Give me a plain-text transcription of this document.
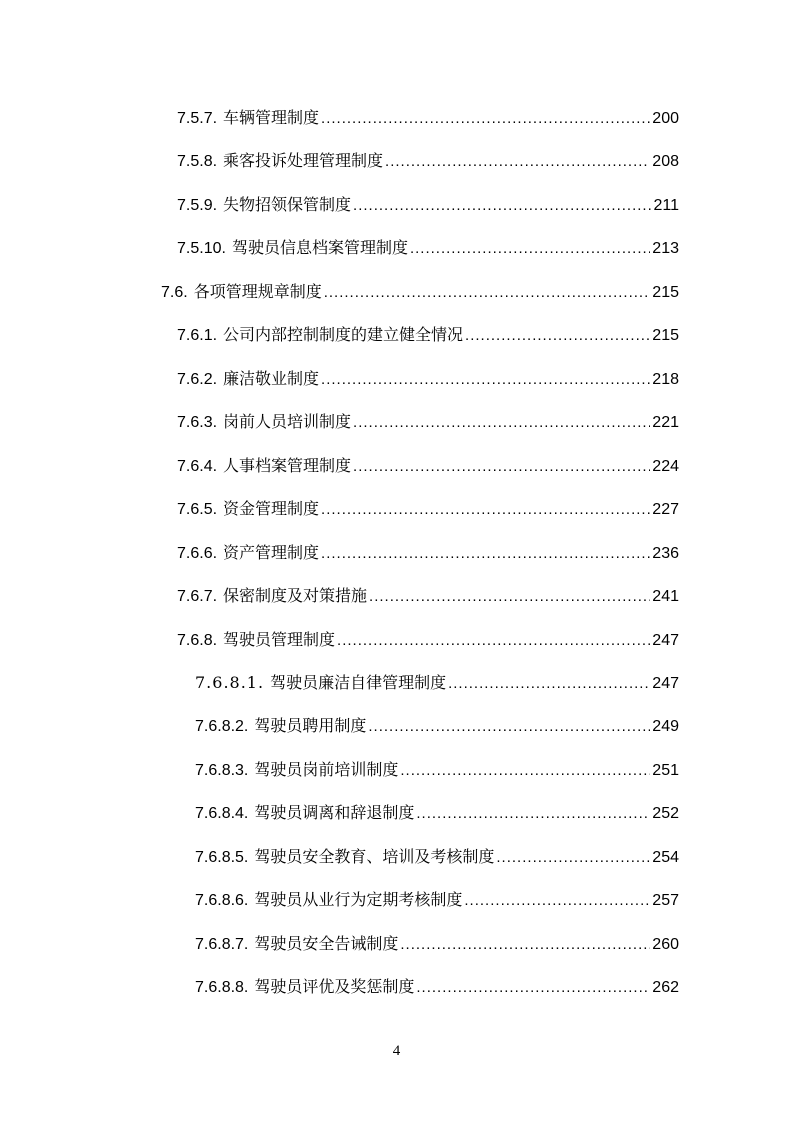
7.5.7. 车辆管理制度 .....	200
7.5.8. 乘客投诉处理管理制度 .....	208
7.5.9. 失物招领保管制度 .....	211
7.5.10. 驾驶员信息档案管理制度 .....	213
7.6. 各项管理规章制度 .....	215
7.6.1. 公司内部控制制度的建立健全情况 .....	215
7.6.2. 廉洁敬业制度 .....	218
7.6.3. 岗前人员培训制度 .....	221
7.6.4. 人事档案管理制度 .....	224
7.6.5. 资金管理制度 .....	227
7.6.6. 资产管理制度 .....	236
7.6.7. 保密制度及对策措施 .....	241
7.6.8. 驾驶员管理制度 .....	247
7.6.8.1. 驾驶员廉洁自律管理制度 .....	247
7.6.8.2. 驾驶员聘用制度 .....	249
7.6.8.3. 驾驶员岗前培训制度 .....	251
7.6.8.4. 驾驶员调离和辞退制度 .....	252
7.6.8.5. 驾驶员安全教育、培训及考核制度 .....	254
7.6.8.6. 驾驶员从业行为定期考核制度 .....	257
7.6.8.7. 驾驶员安全告诫制度 .....	260
7.6.8.8. 驾驶员评优及奖惩制度 .....	262
4
